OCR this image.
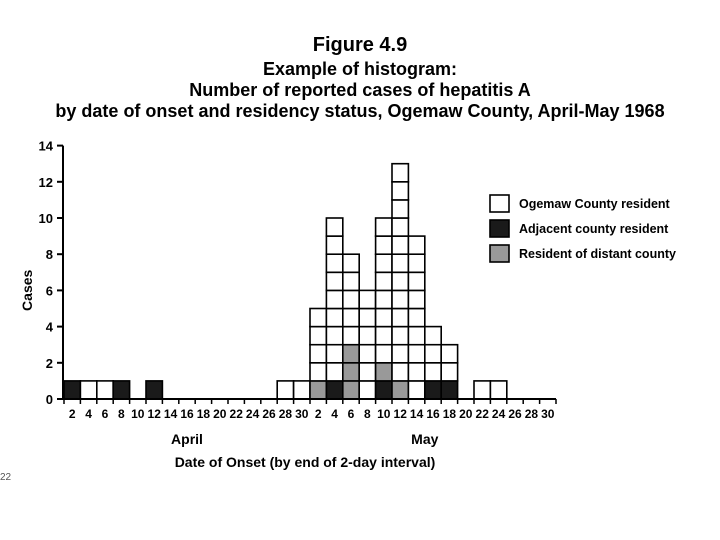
Figure 4.9
Example of histogram:
Number of reported cases of hepatitis A
by date of onset and residency status, Ogemaw County, April-May 1968
0
2
4
6
8
10
12
14
2 4 6 8 10 12 14 16 18 20 22 24 26 28 30 2 4 6 8 10 12 14 16 18 20 22 24 26 28 30
April	May
Date of Onset (by end of 2-day interval)
Cases
Ogemaw County resident
Adjacent county resident
Resident of distant county
22
